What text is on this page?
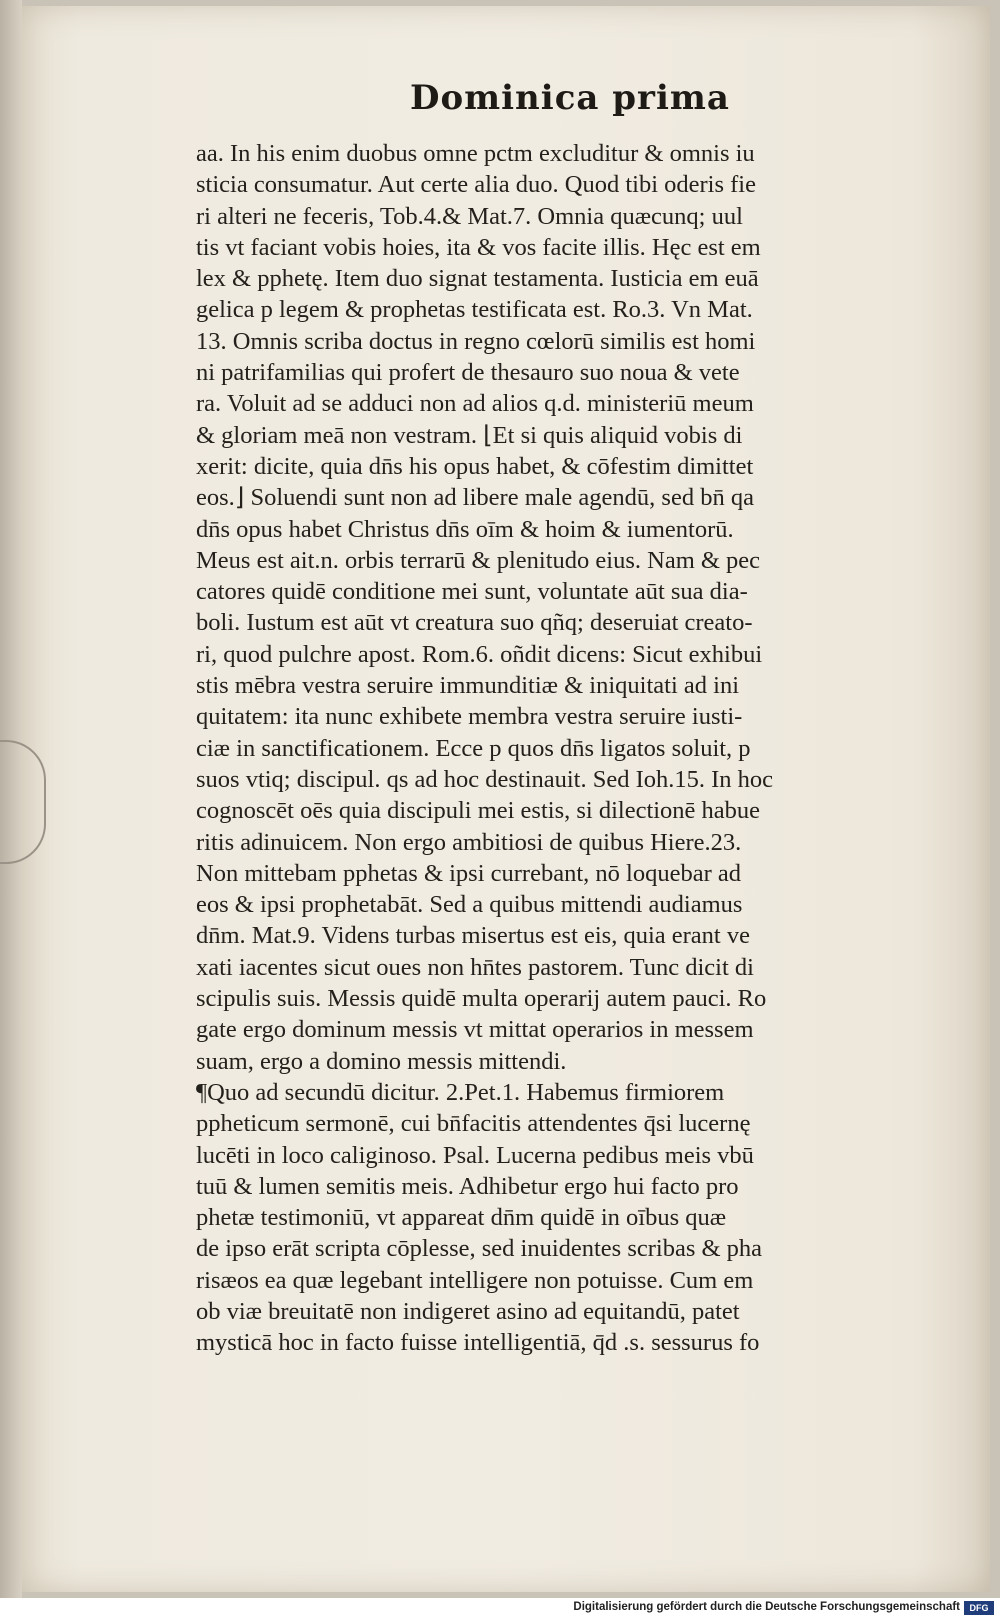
Dominica prima
aa. In his enim duobus omne pctm excluditur & omnis iu
sticia consumatur. Aut certe alia duo. Quod tibi oderis fie
ri alteri ne feceris, Tob.4.& Mat.7. Omnia quæcunq; uul
tis vt faciant vobis hoies, ita & vos facite illis. Hęc est em
lex & pphetę. Item duo signat testamenta. Iusticia em euā
gelica p legem & prophetas testificata est. Ro.3. Vn Mat.
13. Omnis scriba doctus in regno cœlorū similis est homi
ni patrifamilias qui profert de thesauro suo noua & vete
ra. Voluit ad se adduci non ad alios q.d. ministeriū meum
& gloriam meā non vestram. ⌊Et si quis aliquid vobis di
xerit: dicite, quia dn̄s his opus habet, & cōfestim dimittet
eos.⌋ Soluendi sunt non ad libere male agendū, sed bn̄ qa
dn̄s opus habet Christus dn̄s oīm & hoim & iumentorū.
Meus est ait.n. orbis terrarū & plenitudo eius. Nam & pec
catores quidē conditione mei sunt, voluntate aūt sua dia-
boli. Iustum est aūt vt creatura suo qñq; deseruiat creato-
ri, quod pulchre apost. Rom.6. oñdit dicens: Sicut exhibui
stis mēbra vestra seruire immunditiæ & iniquitati ad ini
quitatem: ita nunc exhibete membra vestra seruire iusti-
ciæ in sanctificationem. Ecce p quos dn̄s ligatos soluit, p
suos vtiq; discipul. qs ad hoc destinauit. Sed Ioh.15. In hoc
cognoscēt oēs quia discipuli mei estis, si dilectionē habue
ritis adinuicem. Non ergo ambitiosi de quibus Hiere.23.
Non mittebam pphetas & ipsi currebant, nō loquebar ad
eos & ipsi prophetabāt. Sed a quibus mittendi audiamus
dn̄m. Mat.9. Videns turbas misertus est eis, quia erant ve
xati iacentes sicut oues non hn̄tes pastorem. Tunc dicit di
scipulis suis. Messis quidē multa operarij autem pauci. Ro
gate ergo dominum messis vt mittat operarios in messem
suam, ergo a domino messis mittendi.
¶Quo ad secundū dicitur. 2.Pet.1. Habemus firmiorem
ppheticum sermonē, cui bn̄facitis attendentes q̄si lucernę
lucēti in loco caliginoso. Psal. Lucerna pedibus meis vbū
tuū & lumen semitis meis. Adhibetur ergo hui facto pro
phetæ testimoniū, vt appareat dn̄m quidē in oībus quæ
de ipso erāt scripta cōplesse, sed inuidentes scribas & pha
risæos ea quæ legebant intelligere non potuisse. Cum em
ob viæ breuitatē non indigeret asino ad equitandū, patet
mysticā hoc in facto fuisse intelligentiā, q̄d .s. sessurus fo
Digitalisierung gefördert durch die Deutsche Forschungsgemeinschaft	DFG
